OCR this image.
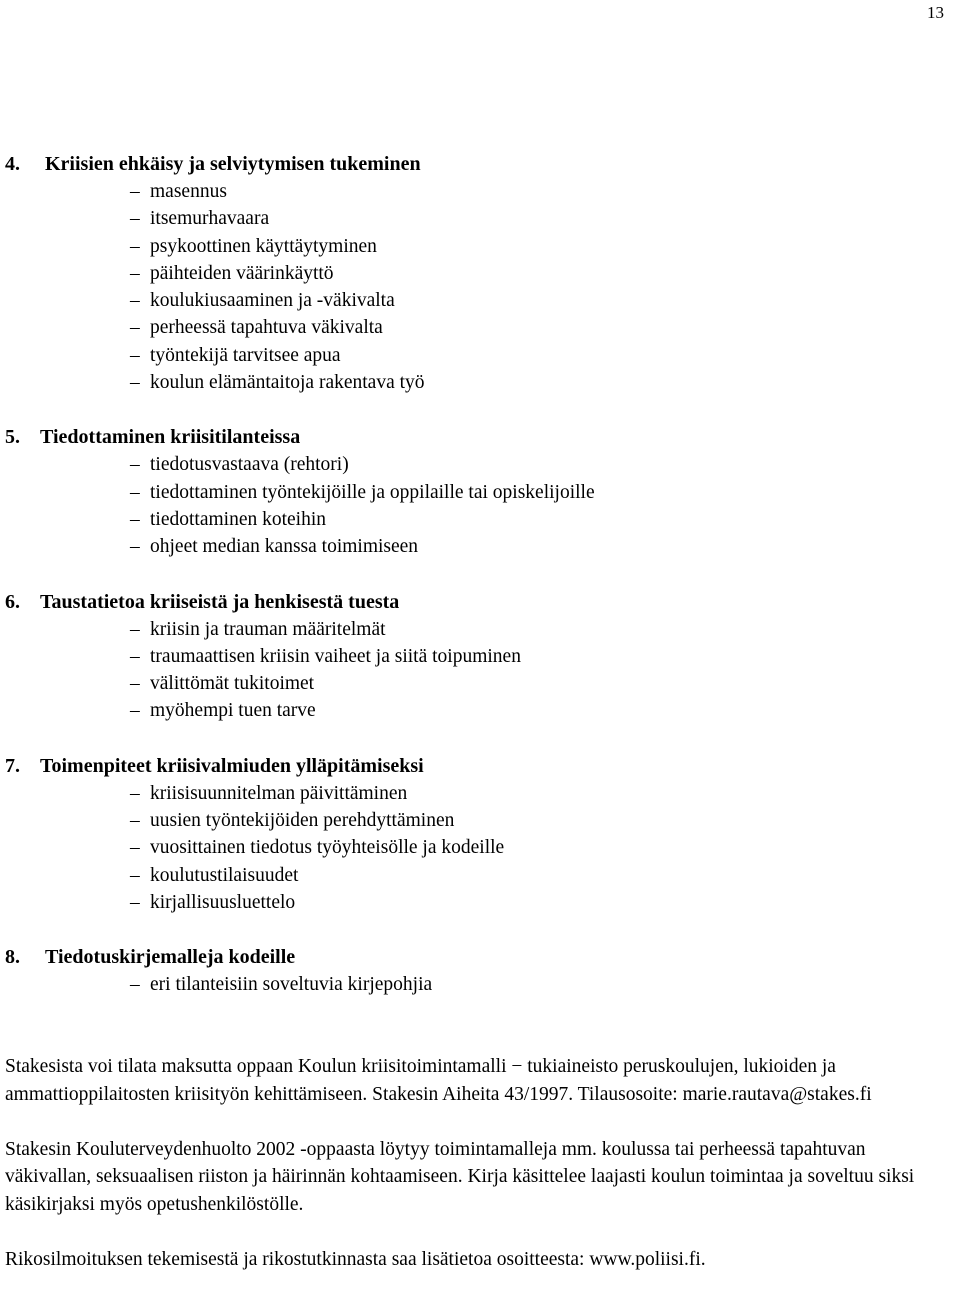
13
4. Kriisien ehkäisy ja selviytymisen tukeminen
– masennus
– itsemurhavaara
– psykoottinen käyttäytyminen
– päihteiden väärinkäyttö
– koulukiusaaminen ja -väkivalta
– perheessä tapahtuva väkivalta
– työntekijä tarvitsee apua
– koulun elämäntaitoja rakentava työ
5. Tiedottaminen kriisitilanteissa
– tiedotusvastaava (rehtori)
– tiedottaminen työntekijöille ja oppilaille tai opiskelijoille
– tiedottaminen koteihin
– ohjeet median kanssa toimimiseen
6. Taustatietoa kriiseistä ja henkisestä tuesta
– kriisin ja trauman määritelmät
– traumaattisen kriisin vaiheet ja siitä toipuminen
– välittömät tukitoimet
– myöhempi tuen tarve
7. Toimenpiteet kriisivalmiuden ylläpitämiseksi
– kriisisuunnitelman päivittäminen
– uusien työntekijöiden perehdyttäminen
– vuosittainen tiedotus työyhteisölle ja kodeille
– koulutustilaisuudet
– kirjallisuusluettelo
8. Tiedotuskirjemalleja kodeille
– eri tilanteisiin soveltuvia kirjepohjia

Stakesista voi tilata maksutta oppaan Koulun kriisitoimintamalli − tukiaineisto peruskoulujen, lukioiden ja ammattioppilaitosten kriisityön kehittämiseen. Stakesin Aiheita 43/1997. Tilausosoite: marie.rautava@stakes.fi

Stakesin Kouluterveydenhuolto 2002 -oppaasta löytyy toimintamalleja mm. koulussa tai perheessä tapahtuvan väkivallan, seksuaalisen riiston ja häirinnän kohtaamiseen. Kirja käsittelee laajasti koulun toimintaa ja soveltuu siksi käsikirjaksi myös opetushenkilöstölle.

Rikosilmoituksen tekemisestä ja rikostutkinnasta saa lisätietoa osoitteesta: www.poliisi.fi.
